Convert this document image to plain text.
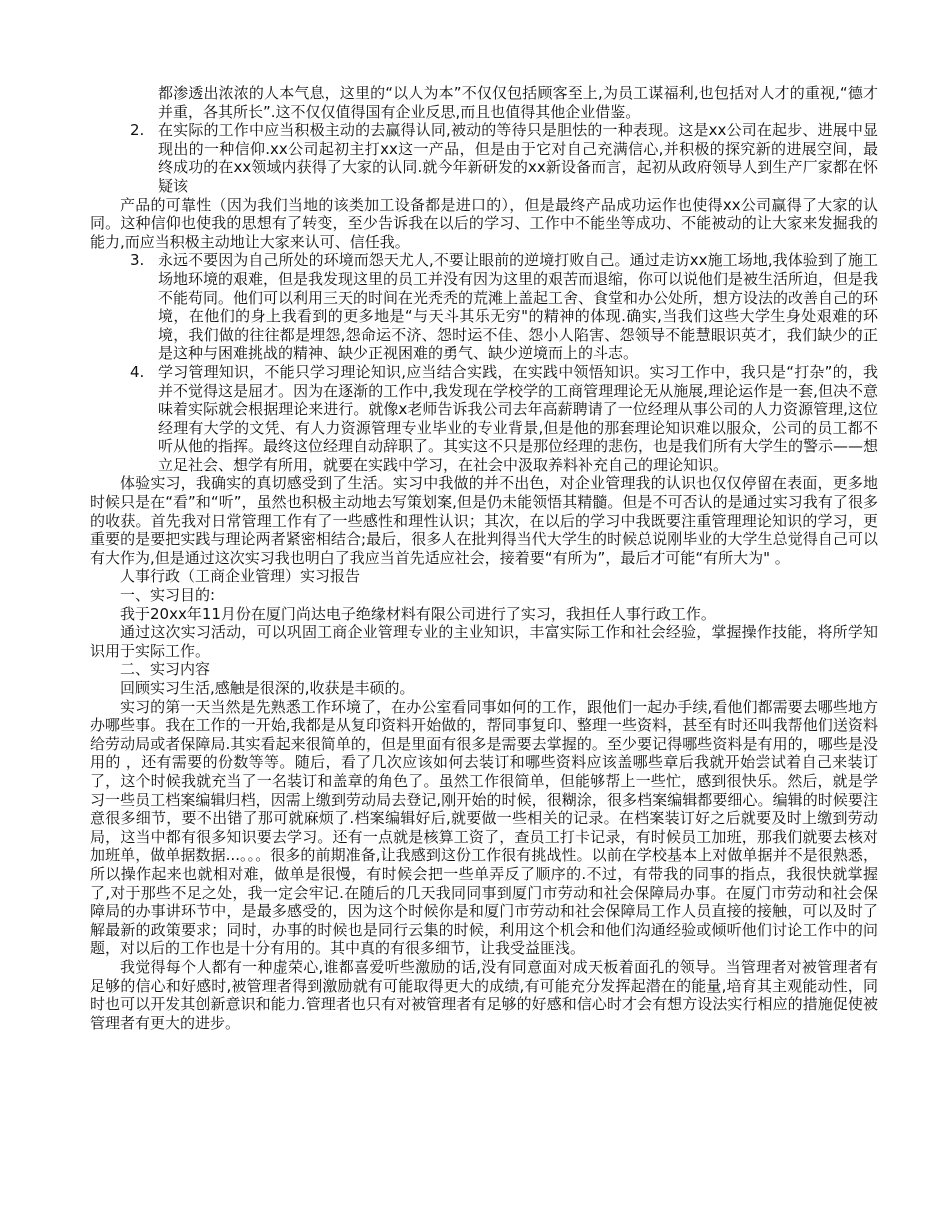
都渗透出浓浓的人本气息，这里的“以人为本”不仅仅包括顾客至上,为员工谋福利,也包括对人才的重视,“德才并重，各其所长”.这不仅仅值得国有企业反思,而且也值得其他企业借鉴。
2. 在实际的工作中应当积极主动的去赢得认同,被动的等待只是胆怯的一种表现。这是xx公司在起步、进展中显现出的一种信仰.xx公司起初主打xx这一产品，但是由于它对自己充满信心,并积极的探究新的进展空间，最终成功的在xx领域内获得了大家的认同.就今年新研发的xx新设备而言，起初从政府领导人到生产厂家都在怀疑该

产品的可靠性（因为我们当地的该类加工设备都是进口的），但是最终产品成功运作也使得xx公司赢得了大家的认同。这种信仰也使我的思想有了转变，至少告诉我在以后的学习、工作中不能坐等成功、不能被动的让大家来发掘我的能力,而应当积极主动地让大家来认可、信任我。

3. 永远不要因为自己所处的环境而怨天尤人,不要让眼前的逆境打败自己。通过走访xx施工场地,我体验到了施工场地环境的艰难，但是我发现这里的员工并没有因为这里的艰苦而退缩，你可以说他们是被生活所迫，但是我不能苟同。他们可以利用三天的时间在光秃秃的荒滩上盖起工舍、食堂和办公处所，想方设法的改善自己的环境，在他们的身上我看到的更多地是“与天斗其乐无穷"的精神的体现.确实,当我们这些大学生身处艰难的环境，我们做的往往都是埋怨,怨命运不济、怨时运不佳、怨小人陷害、怨领导不能慧眼识英才，我们缺少的正是这种与困难挑战的精神、缺少正视困难的勇气、缺少逆境而上的斗志。
4. 学习管理知识，不能只学习理论知识,应当结合实践，在实践中领悟知识。实习工作中，我只是“打杂”的，我并不觉得这是屈才。因为在逐渐的工作中,我发现在学校学的工商管理理论无从施展,理论运作是一套,但决不意味着实际就会根据理论来进行。就像x老师告诉我公司去年高薪聘请了一位经理从事公司的人力资源管理,这位经理有大学的文凭、有人力资源管理专业毕业的专业背景,但是他的那套理论知识难以服众，公司的员工都不听从他的指挥。最终这位经理自动辞职了。其实这不只是那位经理的悲伤，也是我们所有大学生的警示——想立足社会、想学有所用，就要在实践中学习，在社会中汲取养料补充自己的理论知识。

体验实习，我确实的真切感受到了生活。实习中我做的并不出色，对企业管理我的认识也仅仅停留在表面，更多地时候只是在“看”和“听”，虽然也积极主动地去写策划案,但是仍未能领悟其精髓。但是不可否认的是通过实习我有了很多的收获。首先我对日常管理工作有了一些感性和理性认识；其次，在以后的学习中我既要注重管理理论知识的学习，更重要的是要把实践与理论两者紧密相结合;最后，很多人在批判得当代大学生的时候总说刚毕业的大学生总觉得自己可以有大作为,但是通过这次实习我也明白了我应当首先适应社会，接着要“有所为”，最后才可能“有所大为" 。

人事行政（工商企业管理）实习报告
一、实习目的:

我于20xx年11月份在厦门尚达电子绝缘材料有限公司进行了实习，我担任人事行政工作。

通过这次实习活动，可以巩固工商企业管理专业的主业知识，丰富实际工作和社会经验，掌握操作技能，将所学知识用于实际工作。

二、实习内容

回顾实习生活,感触是很深的,收获是丰硕的。

实习的第一天当然是先熟悉工作环境了，在办公室看同事如何的工作，跟他们一起办手续,看他们都需要去哪些地方办哪些事。我在工作的一开始,我都是从复印资料开始做的，帮同事复印、整理一些资料，甚至有时还叫我帮他们送资料给劳动局或者保障局.其实看起来很简单的，但是里面有很多是需要去掌握的。至少要记得哪些资料是有用的，哪些是没用的 ，还有需要的份数等等。随后，看了几次应该如何去装订和哪些资料应该盖哪些章后我就开始尝试着自己来装订了，这个时候我就充当了一名装订和盖章的角色了。虽然工作很简单，但能够帮上一些忙，感到很快乐。然后，就是学习一些员工档案编辑归档，因需上缴到劳动局去登记,刚开始的时候，很糊涂，很多档案编辑都要细心。编辑的时候要注意很多细节，要不出错了那可就麻烦了.档案编辑好后,就要做一些相关的记录。在档案装订好之后就要及时上缴到劳动局，这当中都有很多知识要去学习。还有一点就是核算工资了，查员工打卡记录，有时候员工加班，那我们就要去核对加班单，做单据数据...。。。很多的前期准备,让我感到这份工作很有挑战性。以前在学校基本上对做单据并不是很熟悉，所以操作起来也就相对难，做单是很慢，有时候会把一些单弄反了顺序的.不过，有带我的同事的指点，我很快就掌握了,对于那些不足之处，我一定会牢记.在随后的几天我同同事到厦门市劳动和社会保障局办事。在厦门市劳动和社会保障局的办事讲环节中，是最多感受的，因为这个时候你是和厦门市劳动和社会保障局工作人员直接的接触，可以及时了解最新的政策要求；同时，办事的时候也是同行云集的时候，利用这个机会和他们沟通经验或倾听他们讨论工作中的问题，对以后的工作也是十分有用的。其中真的有很多细节，让我受益匪浅。

我觉得每个人都有一种虚荣心,谁都喜爱听些激励的话,没有同意面对成天板着面孔的领导。当管理者对被管理者有足够的信心和好感时,被管理者得到激励就有可能取得更大的成绩,有可能充分发挥起潜在的能量,培育其主观能动性，同时也可以开发其创新意识和能力.管理者也只有对被管理者有足够的好感和信心时才会有想方设法实行相应的措施促使被管理者有更大的进步。
